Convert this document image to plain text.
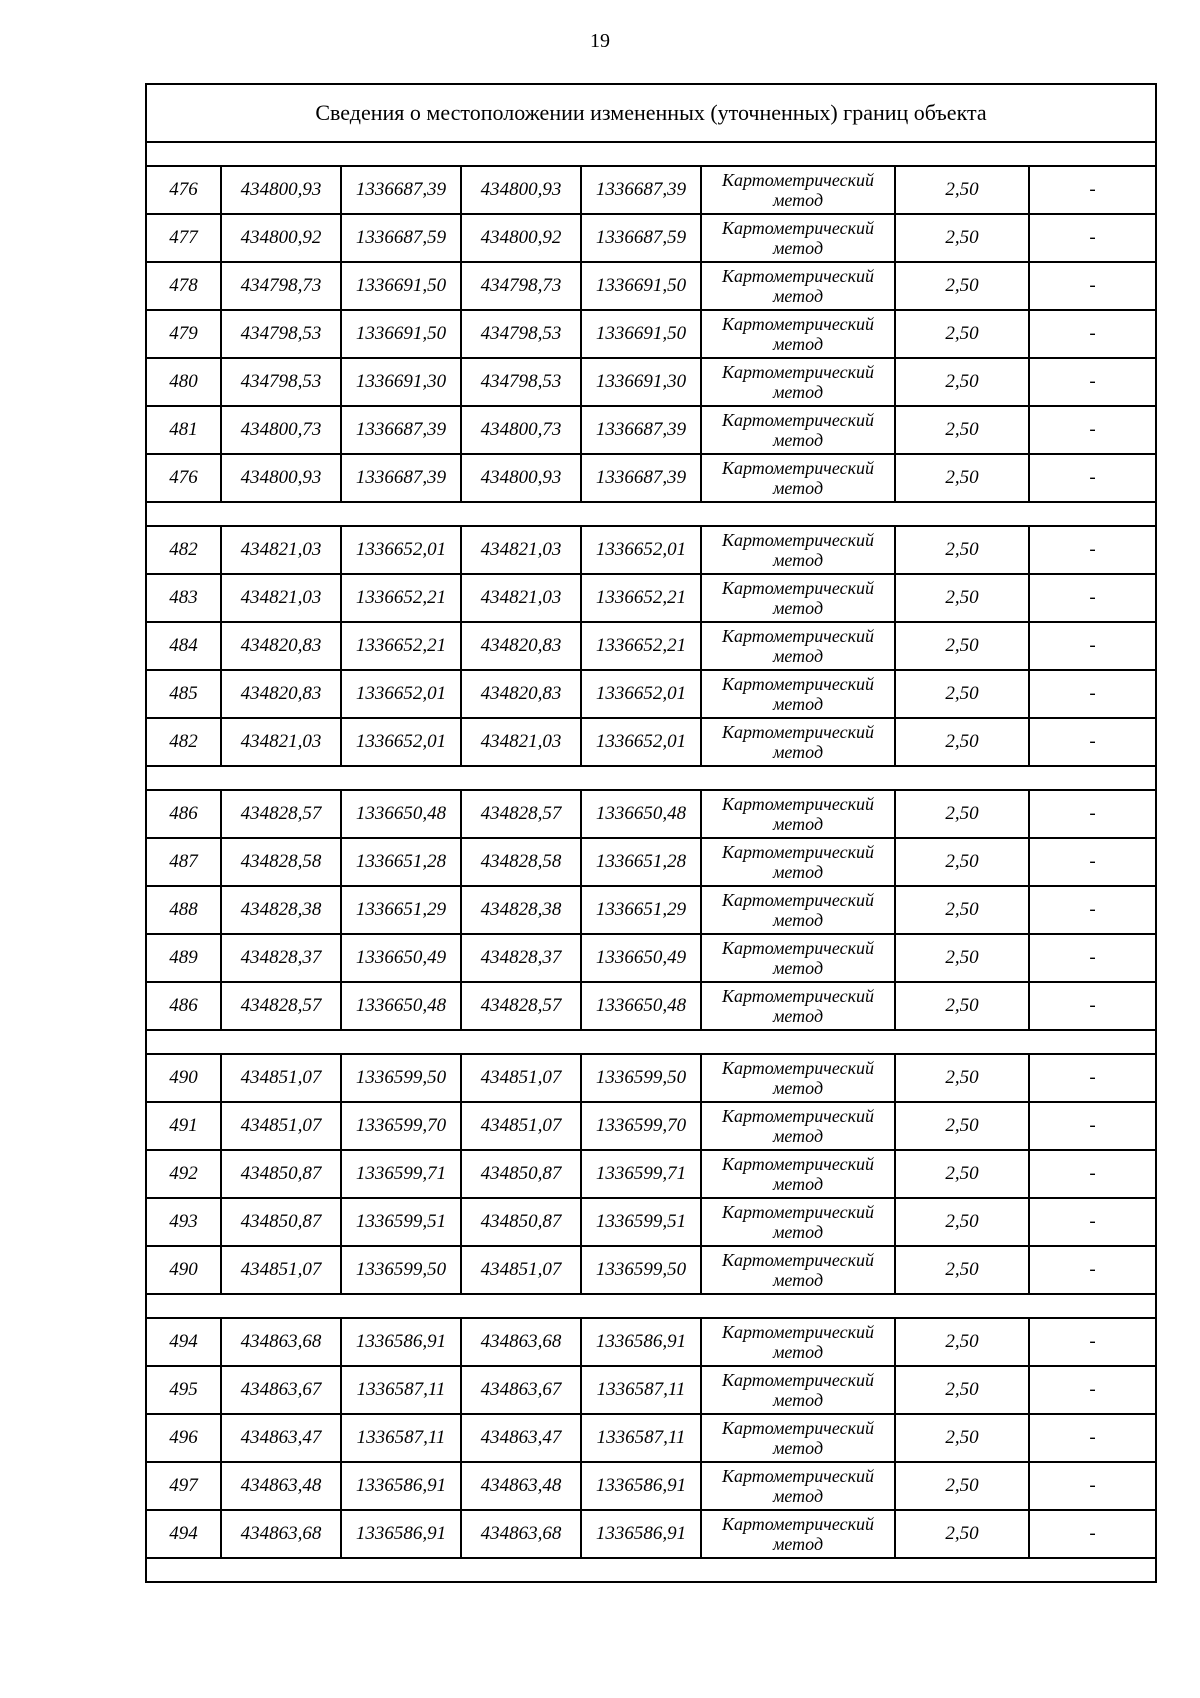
19
Сведения о местоположении измененных (уточненных) границ объекта							

476	434800,93	1336687,39	434800,93	1336687,39	Картометрический метод	2,50	-
477	434800,92	1336687,59	434800,92	1336687,59	Картометрический метод	2,50	-
478	434798,73	1336691,50	434798,73	1336691,50	Картометрический метод	2,50	-
479	434798,53	1336691,50	434798,53	1336691,50	Картометрический метод	2,50	-
480	434798,53	1336691,30	434798,53	1336691,30	Картометрический метод	2,50	-
481	434800,73	1336687,39	434800,73	1336687,39	Картометрический метод	2,50	-
476	434800,93	1336687,39	434800,93	1336687,39	Картометрический метод	2,50	-

482	434821,03	1336652,01	434821,03	1336652,01	Картометрический метод	2,50	-
483	434821,03	1336652,21	434821,03	1336652,21	Картометрический метод	2,50	-
484	434820,83	1336652,21	434820,83	1336652,21	Картометрический метод	2,50	-
485	434820,83	1336652,01	434820,83	1336652,01	Картометрический метод	2,50	-
482	434821,03	1336652,01	434821,03	1336652,01	Картометрический метод	2,50	-

486	434828,57	1336650,48	434828,57	1336650,48	Картометрический метод	2,50	-
487	434828,58	1336651,28	434828,58	1336651,28	Картометрический метод	2,50	-
488	434828,38	1336651,29	434828,38	1336651,29	Картометрический метод	2,50	-
489	434828,37	1336650,49	434828,37	1336650,49	Картометрический метод	2,50	-
486	434828,57	1336650,48	434828,57	1336650,48	Картометрический метод	2,50	-

490	434851,07	1336599,50	434851,07	1336599,50	Картометрический метод	2,50	-
491	434851,07	1336599,70	434851,07	1336599,70	Картометрический метод	2,50	-
492	434850,87	1336599,71	434850,87	1336599,71	Картометрический метод	2,50	-
493	434850,87	1336599,51	434850,87	1336599,51	Картометрический метод	2,50	-
490	434851,07	1336599,50	434851,07	1336599,50	Картометрический метод	2,50	-

494	434863,68	1336586,91	434863,68	1336586,91	Картометрический метод	2,50	-
495	434863,67	1336587,11	434863,67	1336587,11	Картометрический метод	2,50	-
496	434863,47	1336587,11	434863,47	1336587,11	Картометрический метод	2,50	-
497	434863,48	1336586,91	434863,48	1336586,91	Картометрический метод	2,50	-
494	434863,68	1336586,91	434863,68	1336586,91	Картометрический метод	2,50	-
